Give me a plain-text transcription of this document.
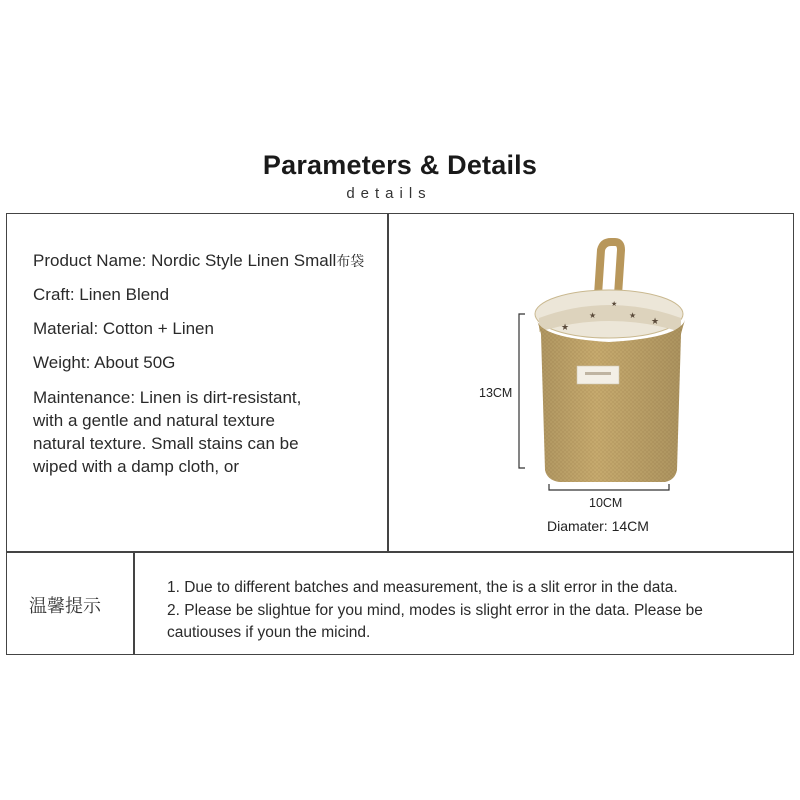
Parameters & Details
details
Product Name: Nordic Style Linen Small布袋
Craft: Linen Blend
Material: Cotton + Linen
Weight: About 50G
Maintenance: Linen is dirt-resistant,
with a gentle and natural texture
natural texture. Small stains can be
wiped with a damp cloth, or
★
★	★
★
★
13CM
10CM
Diamater: 14CM
温馨提示
1. Due to different batches and measurement, the is a slit error in the data.
2. Please be slightue for you mind, modes is slight error in the data. Please be
cautiouses if youn the micind.
